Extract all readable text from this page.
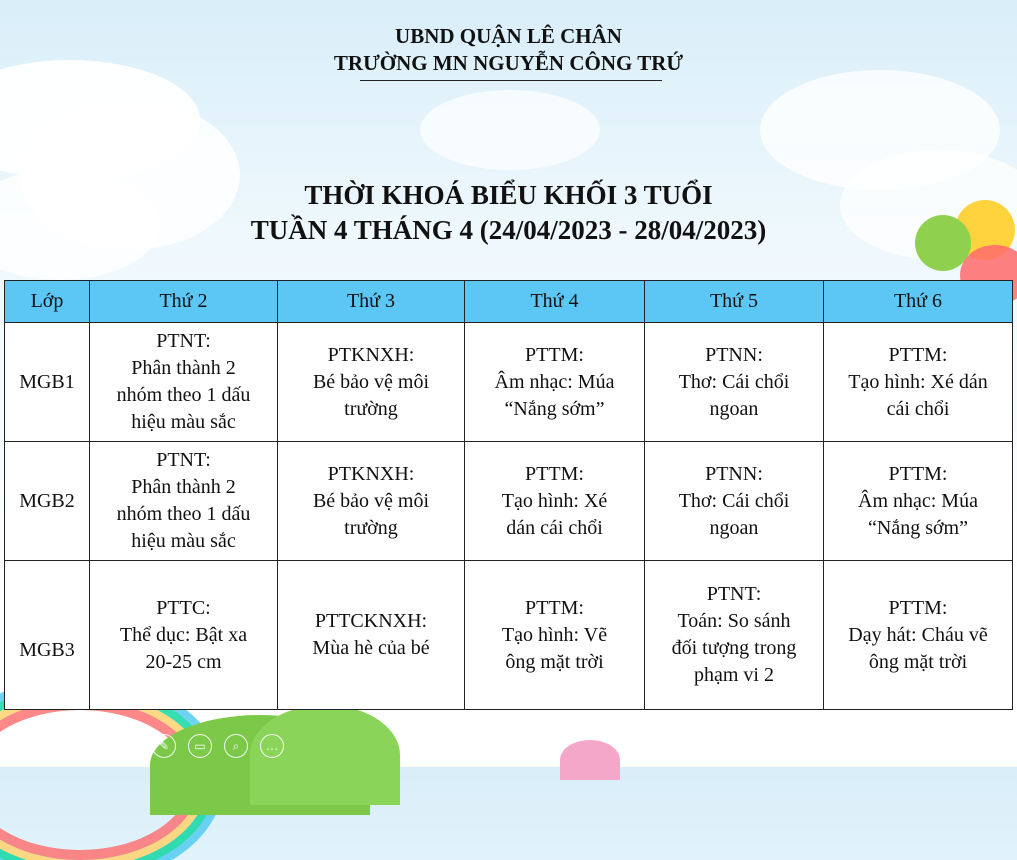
UBND QUẬN LÊ CHÂN
TRƯỜNG MN NGUYỄN CÔNG TRỨ
THỜI KHOÁ BIỂU KHỐI 3 TUỔI
TUẦN 4 THÁNG 4 (24/04/2023 - 28/04/2023)
Lớp	Thứ 2	Thứ 3	Thứ 4	Thứ 5	Thứ 6
MGB1	PTNT:
Phân thành 2
nhóm theo 1 dấu
hiệu màu sắc	PTKNXH:
Bé bảo vệ môi
trường	PTTM:
Âm nhạc: Múa
“Nắng sớm”	PTNN:
Thơ: Cái chổi
ngoan	PTTM:
Tạo hình: Xé dán
cái chổi

MGB2	PTNT:
Phân thành 2
nhóm theo 1 dấu
hiệu màu sắc	PTKNXH:
Bé bảo vệ môi
trường	PTTM:
Tạo hình: Xé
dán cái chổi	PTNN:
Thơ: Cái chổi
ngoan	PTTM:
Âm nhạc: Múa
“Nắng sớm”

MGB3	PTTC:
Thể dục: Bật xa
20-25 cm	PTTCKNXH:
Mùa hè của bé	PTTM:
Tạo hình: Vẽ
ông mặt trời	PTNT:
Toán: So sánh
đối tượng trong
phạm vi 2	PTTM:
Dạy hát: Cháu vẽ
ông mặt trời
‹	›	✎	▭	⌕	…
